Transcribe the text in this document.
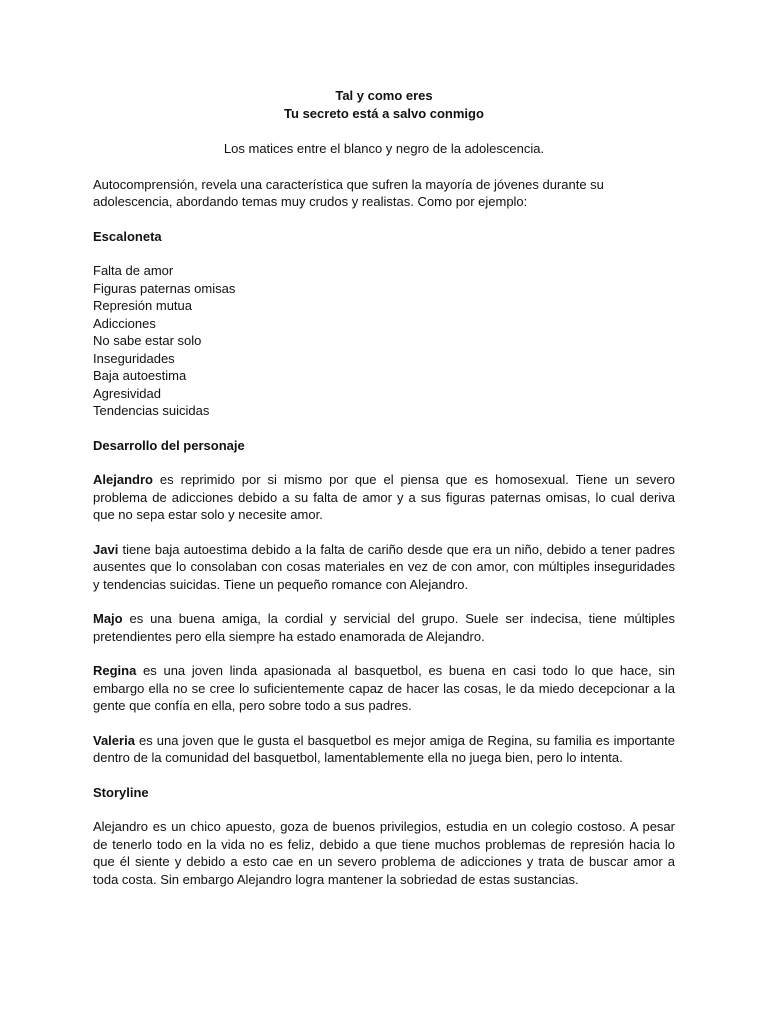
Tal y como eres

Tu secreto está a salvo conmigo

Los matices entre el blanco y negro de la adolescencia.

Autocomprensión, revela una característica que sufren la mayoría de jóvenes durante su adolescencia, abordando temas muy crudos y realistas. Como por ejemplo:

Escaloneta

Falta de amor
Figuras paternas omisas
Represión mutua
Adicciones
No sabe estar solo
Inseguridades
Baja autoestima
Agresividad
Tendencias suicidas

Desarrollo del personaje

Alejandro es reprimido por si mismo por que el piensa que es homosexual. Tiene un severo problema de adicciones debido a su falta de amor y a sus figuras paternas omisas, lo cual deriva que no sepa estar solo y necesite amor.

Javi tiene baja autoestima debido a la falta de cariño desde que era un niño, debido a tener padres ausentes que lo consolaban con cosas materiales en vez de con amor, con múltiples inseguridades y tendencias suicidas. Tiene un pequeño romance con Alejandro.

Majo es una buena amiga, la cordial y servicial del grupo. Suele ser indecisa, tiene múltiples pretendientes pero ella siempre ha estado enamorada de Alejandro.

Regina es una joven linda apasionada al basquetbol, es buena en casi todo lo que hace, sin embargo ella no se cree lo suficientemente capaz de hacer las cosas, le da miedo decepcionar a la gente que confía en ella, pero sobre todo a sus padres.

Valeria es una joven que le gusta el basquetbol es mejor amiga de Regina, su familia es importante dentro de la comunidad del basquetbol, lamentablemente ella no juega bien, pero lo intenta.

Storyline

Alejandro es un chico apuesto, goza de buenos privilegios, estudia en un colegio costoso. A pesar de tenerlo todo en la vida no es feliz, debido a que tiene muchos problemas de represión hacia lo que él siente y debido a esto cae en un severo problema de adicciones y trata de buscar amor a toda costa. Sin embargo Alejandro logra mantener la sobriedad de estas sustancias.
